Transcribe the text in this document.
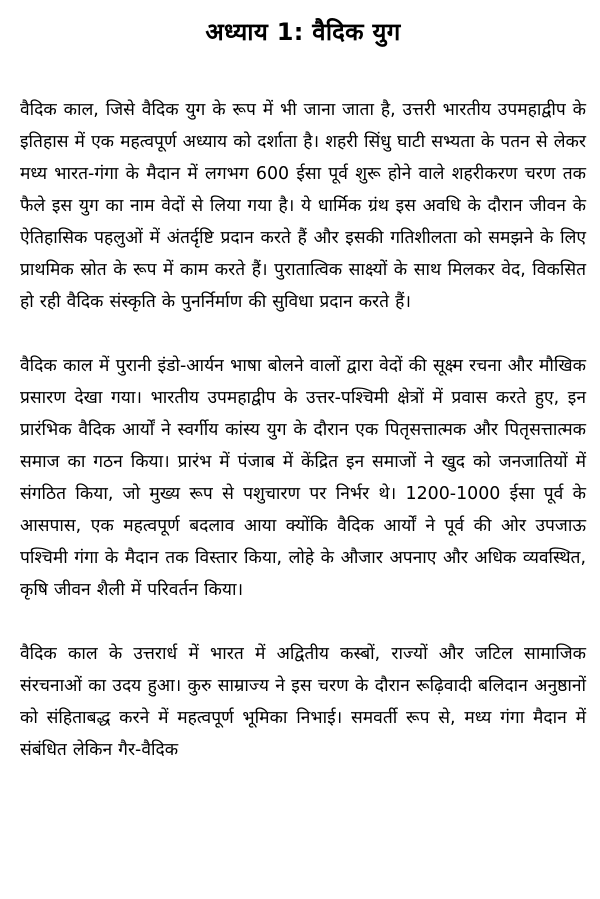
अध्याय 1: वैदिक युग

वैदिक काल, जिसे वैदिक युग के रूप में भी जाना जाता है, उत्तरी भारतीय उपमहाद्वीप के इतिहास में एक महत्वपूर्ण अध्याय को दर्शाता है। शहरी सिंधु घाटी सभ्यता के पतन से लेकर मध्य भारत-गंगा के मैदान में लगभग 600 ईसा पूर्व शुरू होने वाले शहरीकरण चरण तक फैले इस युग का नाम वेदों से लिया गया है। ये धार्मिक ग्रंथ इस अवधि के दौरान जीवन के ऐतिहासिक पहलुओं में अंतर्दृष्टि प्रदान करते हैं और इसकी गतिशीलता को समझने के लिए प्राथमिक स्रोत के रूप में काम करते हैं। पुरातात्विक साक्ष्यों के साथ मिलकर वेद, विकसित हो रही वैदिक संस्कृति के पुनर्निर्माण की सुविधा प्रदान करते हैं।

वैदिक काल में पुरानी इंडो-आर्यन भाषा बोलने वालों द्वारा वेदों की सूक्ष्म रचना और मौखिक प्रसारण देखा गया। भारतीय उपमहाद्वीप के उत्तर-पश्चिमी क्षेत्रों में प्रवास करते हुए, इन प्रारंभिक वैदिक आर्यों ने स्वर्गीय कांस्य युग के दौरान एक पितृसत्तात्मक और पितृसत्तात्मक समाज का गठन किया। प्रारंभ में पंजाब में केंद्रित इन समाजों ने खुद को जनजातियों में संगठित किया, जो मुख्य रूप से पशुचारण पर निर्भर थे। 1200-1000 ईसा पूर्व के आसपास, एक महत्वपूर्ण बदलाव आया क्योंकि वैदिक आर्यों ने पूर्व की ओर उपजाऊ पश्चिमी गंगा के मैदान तक विस्तार किया, लोहे के औजार अपनाए और अधिक व्यवस्थित, कृषि जीवन शैली में परिवर्तन किया।

वैदिक काल के उत्तरार्ध में भारत में अद्वितीय कस्बों, राज्यों और जटिल सामाजिक संरचनाओं का उदय हुआ। कुरु साम्राज्य ने इस चरण के दौरान रूढ़िवादी बलिदान अनुष्ठानों को संहिताबद्ध करने में महत्वपूर्ण भूमिका निभाई। समवर्ती रूप से, मध्य गंगा मैदान में संबंधित लेकिन गैर-वैदिक
